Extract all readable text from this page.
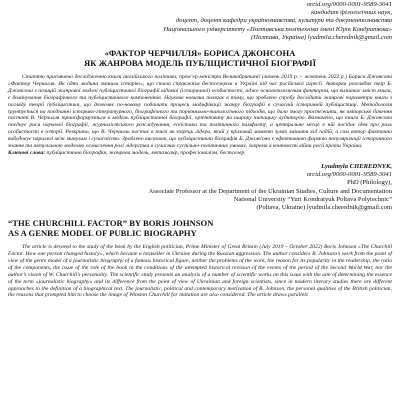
orcid.org/0000-0001-9589-3041
кандидат філологічних наук,
доцент, доцент кафедри українознавства, культури та документознавства
Національного університету «Полтавська політехніка імені Юрія Кондратюка»
(Полтава, Україна) lyudmila.cherednik@gmail.com
«ФАКТОР ЧЕРЧИЛЛЯ» БОРИСА ДЖОНСОНА
ЯК ЖАНРОВА МОДЕЛЬ ПУБЛІЦИСТИЧНОЇ БІОГРАФІЇ
Статтю присвячено дослідженню книги англійського політика, прем’єр-міністра Великобританії (липень 2019 р. – жовтень 2022 р.) Бориса Джонсона «Фактор Черчилля. Як одна людина змінила історію», що стала справжнім бестселером в Україні під час російської агресії. Авторка розглядає твір Б. Джонсона з позицій жанрової моделі публіцистичної біографії відомої (історичної) особистості, адже основоположним фактором, що визначає зміст книги, є домінування біографічного та публіцистичного компонентів. Наукова новизна полягає в тому, що зроблено спробу дослідити жанрові параметри книги з погляду теорії публіцистики, що дозволяє по-новому побачити процеси модифікації жанру біографії в сучасній історичній публіцистиці. Методологія ґрунтується на поєднанні історико-літературного, біографічного та порівняльно-типологічного підходів, що дало змогу простежити, як авторське бачення постаті В. Черчилля трансформується в модель публіцистичної біографії, орієнтовану на широку читацьку аудиторію. Визначено, що книга Б. Джонсона поєднує риси наукової біографії, журналістського розслідування, есеїстики та політичного памфлету, а центральне місце в ній посідає ідея про роль особистості в історії. Розкрито, що В. Черчилль постає в книзі як взірець лідера, який у кризовий момент зумів змінити хід подій, а сам автор фактично вибудовує паралелі між минулим і сучасністю. Зроблено висновок, що публіцистична біографія Б. Джонсона є ефективною формою популяризації історичного знання та актуальною моделлю осмислення ролі лідерства в сучасних суспільно-політичних умовах, зокрема в контексті війни росії проти України.
Ключові слова: публіцистична біографія, жанрова модель, метажанр, професіоналізм, бестселер.
Lyudmyla CHEREDNYK,
orcid.org/0000-0001-9589-3041
PhD (Philology),
Associate Professor at the Department of the Ukrainian Studies, Culture and Documentation
National University “Yuri Kondratyuk Poltava Polytechnic”
(Poltava, Ukraine) lyudmila.cherednik@gmail.com
“THE CHURCHILL FACTOR” BY BORIS JOHNSON
AS A GENRE MODEL OF PUBLIC BIOGRAPHY
The article is devoted to the study of the book by the English politician, Prime Minister of Great Britain (July 2019 – October 2022) Boris Johnson «The Churchill Factor. How one person changed history», which became a bestseller in Ukraine during the Russian aggression. The author considers B. Johnson’s work from the point of view of the genre model of a journalistic biography of a famous historical figure, neither the problems of the work, the reason for its popularity in the readership, the ratio of the components, the issue of the role of the book in the conditions of the attempted historical revision of the events of the period of the Second World War, nor the author’s vision of W. Churchill’s personality. The scientific study presents an analysis of a number of scientific works on this issue with the aim of determining the essence of the term «journalistic biography» and its difference from the point of view of Ukrainian and foreign scientists, since in modern literary studies there are different approaches to the definition of a biographical text. The journalistic, political and contemporary motivation of B. Johnson, the personal qualities of the British politician, the reasons that prompted him to choose the image of Winston Churchill for imitation are also considered. The article draws parallels
